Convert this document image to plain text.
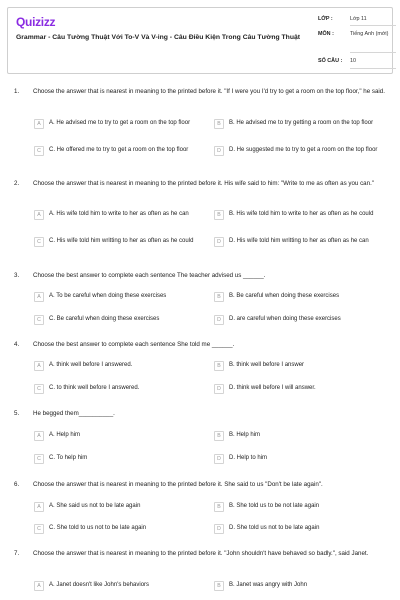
Quizizz
Grammar - Câu Tường Thuật Với To-V Và V-ing - Câu Điều Kiện Trong Câu Tường Thuật
LỚP :	Lớp 11
MÔN :	Tiếng Anh (mới)
SỐ CÂU : 10
1. Choose the answer that is nearest in meaning to the printed before it. "If I were you I'd try to get a room on the top floor," he said.
A	A. He advised me to try to get a room on the top floor	B	B. He advised me to try getting a room on the top floor
C	C. He offered me to try to get a room on the top floor	D	D. He suggested me to try to get a room on the top floor
2. Choose the answer that is nearest in meaning to the printed before it. His wife said to him: "Write to me as often as you can."
A	A. His wife told him to write to her as often as he can	B	B. His wife told him to write to her as often as he could
C	C. His wife told him writting to her as often as he could	D	D. His wife told him writting to her as often as he can
3. Choose the best answer to complete each sentence The teacher advised us ______.
A	A. To be careful when doing these exercises	B	B. Be careful when doing these exercises
C	C. Be careful when doing these exercises	D	D. are careful when doing these exercises
4. Choose the best answer to complete each sentence She told me ______.
A	A. think well before I answered.	B	B. think well before I answer
C	C. to think well before I answered.	D	D. think well before I will answer.
5. He begged them__________.
A	A. Help him	B	B. Help him
C	C. To help him	D	D. Help to him
6. Choose the answer that is nearest in meaning to the printed before it. She said to us "Don't be late again".
A	A. She said us not to be late again	B	B. She told us to be not late again
C	C. She told to us not to be late again	D	D. She told us not to be late again
7. Choose the answer that is nearest in meaning to the printed before it. "John shouldn't have behaved so badly.", said Janet.
A	A. Janet doesn't like John's behaviors	B	B. Janet was angry with John
